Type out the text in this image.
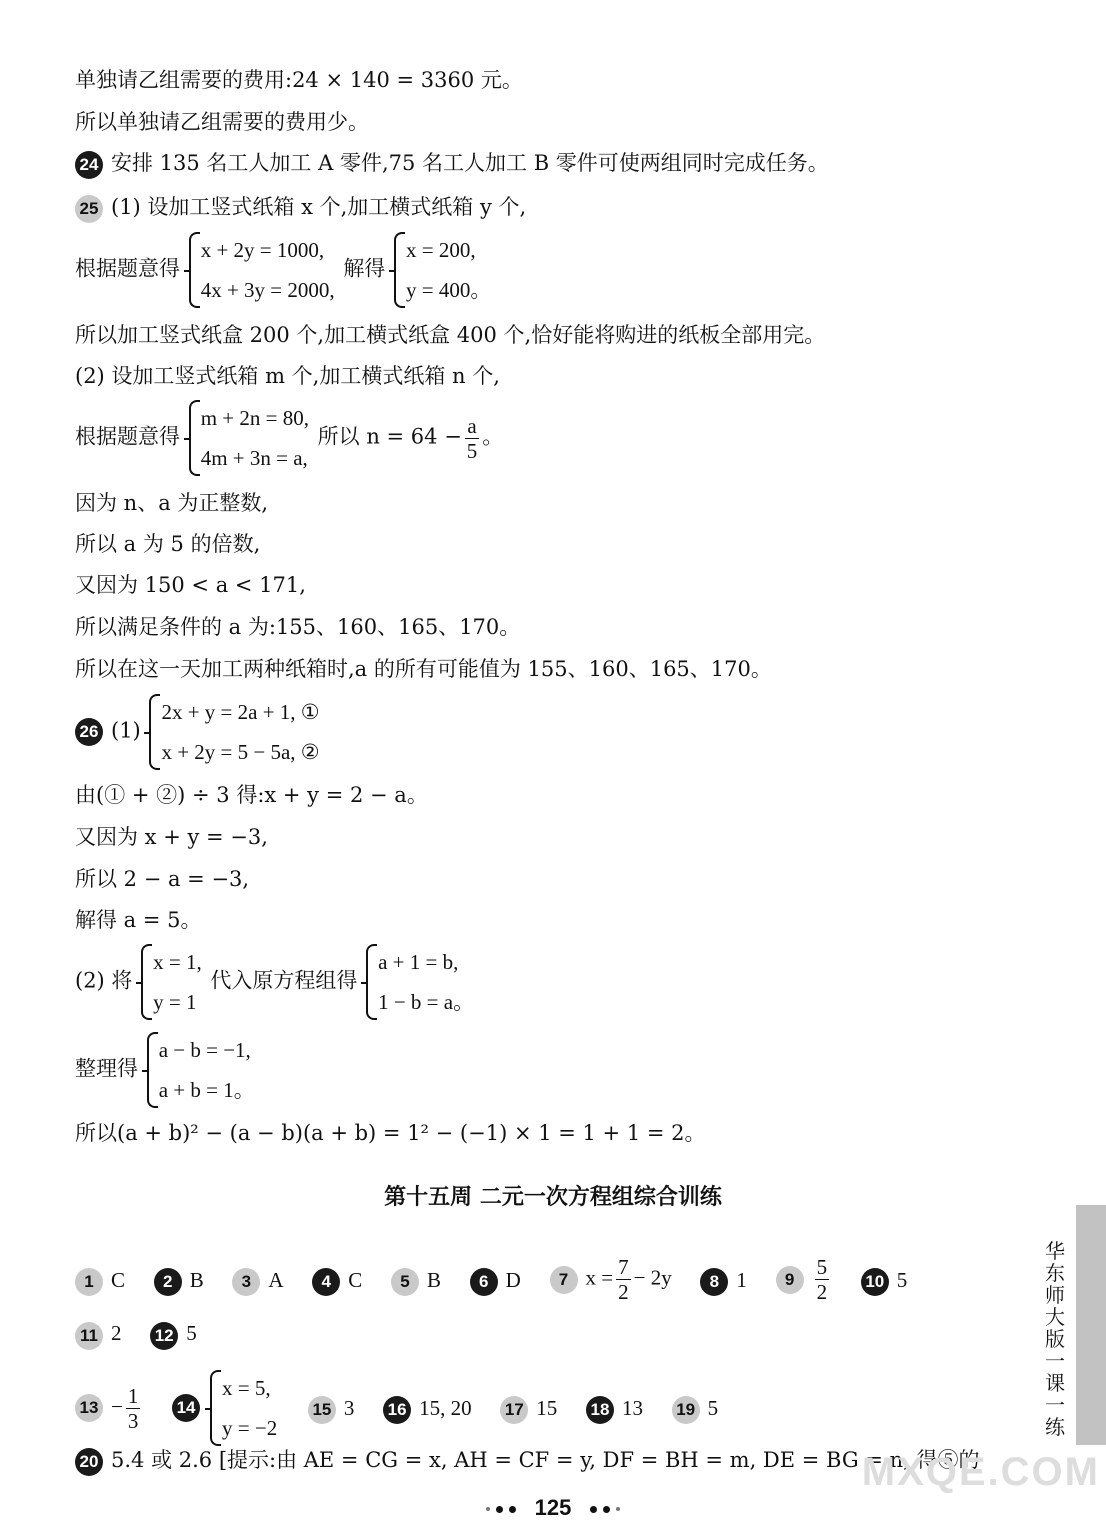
单独请乙组需要的费用:24 × 140 = 3360 元。
所以单独请乙组需要的费用少。
24 安排 135 名工人加工 A 零件,75 名工人加工 B 零件可使两组同时完成任务。
25 (1) 设加工竖式纸箱 x 个,加工横式纸箱 y 个,
根据题意得
x + 2y = 1000,
4x + 3y = 2000,
解得
x = 200,
y = 400。
所以加工竖式纸盒 200 个,加工横式纸盒 400 个,恰好能将购进的纸板全部用完。
(2) 设加工竖式纸箱 m 个,加工横式纸箱 n 个,
根据题意得
m + 2n = 80,
4m + 3n = a,
所以 $n = 64 - \frac{a}{5}$ 。
因为 n、a 为正整数,
所以 a 为 5 的倍数,
又因为 150 < a < 171,
所以满足条件的 a 为:155、160、165、170。
所以在这一天加工两种纸箱时,a 的所有可能值为 155、160、165、170。
26 (1)
2x + y = 2a + 1, ①
x + 2y = 5 − 5a, ②
由(① + ②) ÷ 3 得:x + y = 2 − a。
又因为 x + y = −3,
所以 2 − a = −3,
解得 a = 5。
(2) 将
x = 1,
y = 1
代入原方程组得
a + 1 = b,
1 − b = a。
整理得
a − b = −1,
a + b = 1。
所以(a + b)² − (a − b)(a + b) = 1² − (−1) × 1 = 1 + 1 = 2。
第十五周 二元一次方程组综合训练
1 C 2 B 3 A 4 C 5 B 6 D 7 $x = \frac{7}{2} - 2y$ 8 1 $9 \frac{5}{2} 10$ 5
11 2 12 5
$13 - \frac{1}{3} 14$
x = 5,
y = −2
15 3 16 15, 20 17 15 18 13 19 5
20 5.4 或 2.6 [提示:由 AE = CG = x, AH = CF = y, DF = BH = m, DE = BG = n, 得⑤的
华东师大版一课一练
125
MXQE.COM
